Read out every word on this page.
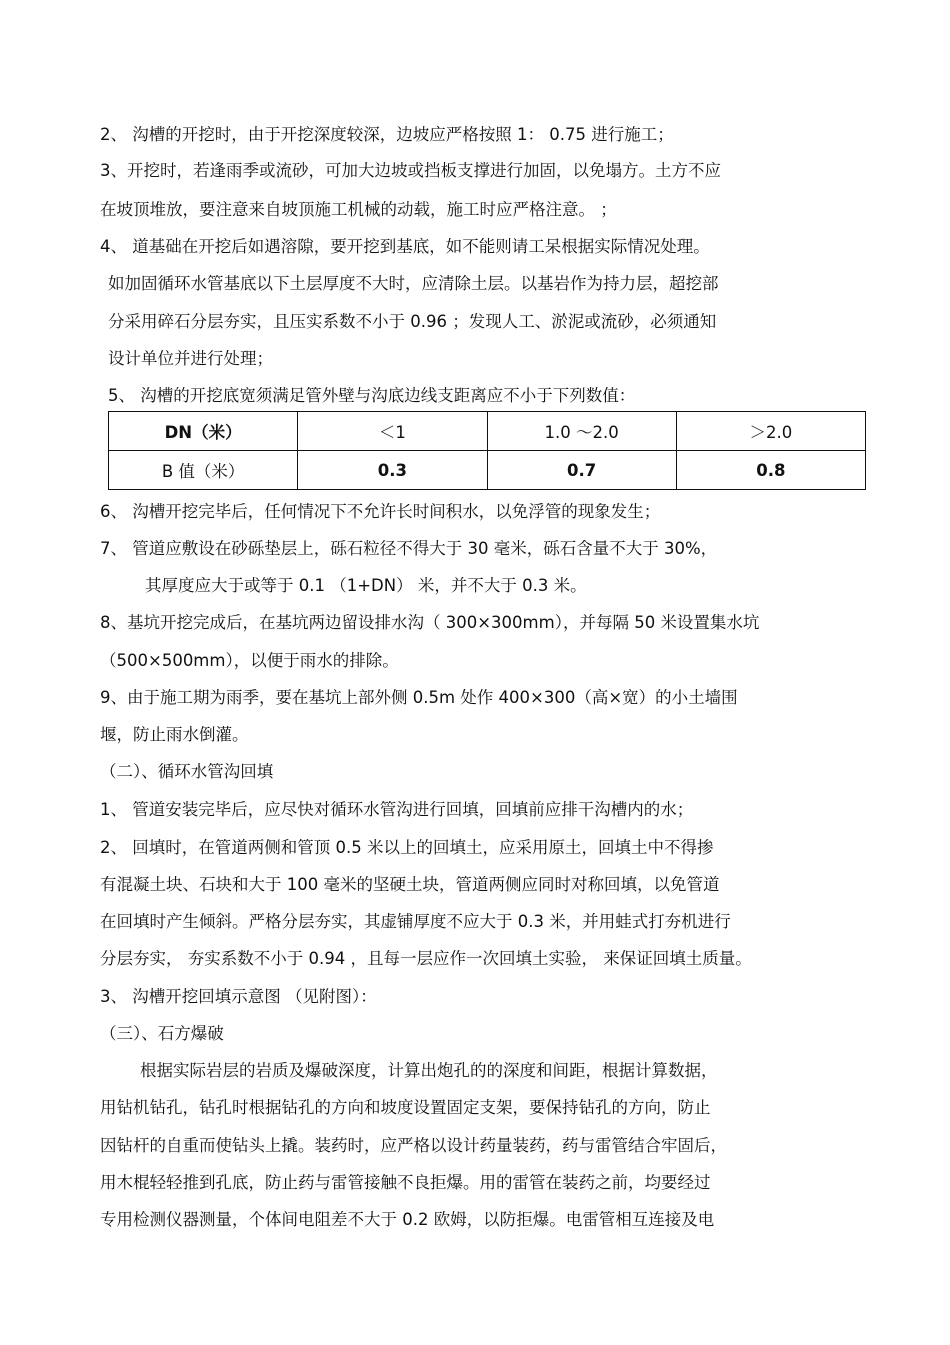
2、 沟槽的开挖时，由于开挖深度较深，边坡应严格按照 1： 0.75 进行施工；
3、开挖时，若逢雨季或流砂，可加大边坡或挡板支撑进行加固，以免塌方。土方不应
在坡顶堆放，要注意来自坡顶施工机械的动载，施工时应严格注意。 ；
4、 道基础在开挖后如遇溶隙，要开挖到基底，如不能则请工呆根据实际情况处理。
如加固循环水管基底以下土层厚度不大时，应清除土层。以基岩作为持力层，超挖部
分采用碎石分层夯实，且压实系数不小于 0.96 ；发现人工、淤泥或流砂，必须通知
设计单位并进行处理；
5、 沟槽的开挖底宽须满足管外壁与沟底边线支距离应不小于下列数值：
DN（米）	＜1	1.0 ～2.0	＞2.0
B 值（米）	0.3	0.7	0.8
6、 沟槽开挖完毕后，任何情况下不允许长时间积水，以免浮管的现象发生；
7、 管道应敷设在砂砾垫层上，砾石粒径不得大于 30 毫米，砾石含量不大于 30%，
其厚度应大于或等于 0.1 （1+DN） 米，并不大于 0.3 米。
8、基坑开挖完成后，在基坑两边留设排水沟（ 300×300mm），并每隔 50 米设置集水坑
（500×500mm），以便于雨水的排除。
9、由于施工期为雨季，要在基坑上部外侧 0.5m 处作 400×300（高×宽）的小土墙围
堰，防止雨水倒灌。
（二）、循环水管沟回填
1、 管道安装完毕后，应尽快对循环水管沟进行回填，回填前应排干沟槽内的水；
2、 回填时，在管道两侧和管顶 0.5 米以上的回填土，应采用原土，回填土中不得掺
有混凝土块、石块和大于 100 毫米的坚硬土块，管道两侧应同时对称回填，以免管道
在回填时产生倾斜。严格分层夯实，其虚铺厚度不应大于 0.3 米，并用蛙式打夯机进行
分层夯实， 夯实系数不小于 0.94 ，且每一层应作一次回填土实验， 来保证回填土质量。
3、 沟槽开挖回填示意图 （见附图）：
（三）、石方爆破
根据实际岩层的岩质及爆破深度，计算出炮孔的的深度和间距，根据计算数据，
用钻机钻孔，钻孔时根据钻孔的方向和坡度设置固定支架，要保持钻孔的方向，防止
因钻杆的自重而使钻头上撬。装药时，应严格以设计药量装药，药与雷管结合牢固后，
用木棍轻轻推到孔底，防止药与雷管接触不良拒爆。用的雷管在装药之前，均要经过
专用检测仪器测量，个体间电阻差不大于 0.2 欧姆，以防拒爆。电雷管相互连接及电
